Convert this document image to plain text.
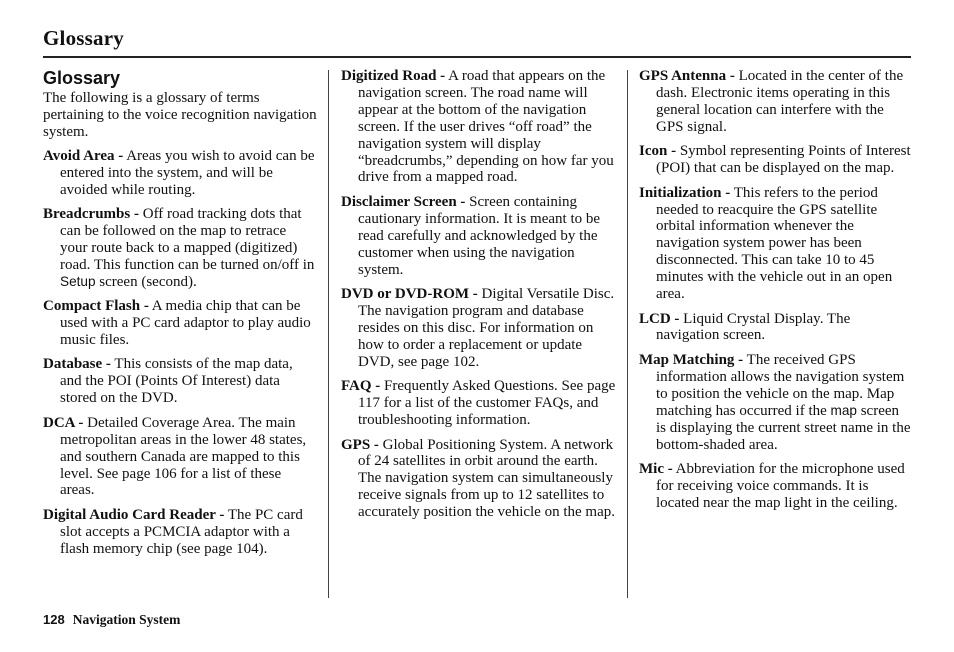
Glossary
Glossary

The following is a glossary of terms pertaining to the voice recognition navigation system.

Avoid Area - Areas you wish to avoid can be entered into the system, and will be avoided while routing.

Breadcrumbs - Off road tracking dots that can be followed on the map to retrace your route back to a mapped (digitized) road. This function can be turned on/off in Setup screen (second).

Compact Flash - A media chip that can be used with a PC card adaptor to play audio music files.

Database - This consists of the map data, and the POI (Points Of Interest) data stored on the DVD.

DCA - Detailed Coverage Area. The main metropolitan areas in the lower 48 states, and southern Canada are mapped to this level. See page 106 for a list of these areas.

Digital Audio Card Reader - The PC card slot accepts a PCMCIA adaptor with a flash memory chip (see page 104).

Digitized Road - A road that appears on the navigation screen. The road name will appear at the bottom of the navigation screen. If the user drives “off road” the navigation system will display “breadcrumbs,” depending on how far you drive from a mapped road.

Disclaimer Screen - Screen containing cautionary information. It is meant to be read carefully and acknowledged by the customer when using the navigation system.

DVD or DVD-ROM - Digital Versatile Disc. The navigation program and database resides on this disc. For information on how to order a replacement or update DVD, see page 102.

FAQ - Frequently Asked Questions. See page 117 for a list of the customer FAQs, and troubleshooting information.

GPS - Global Positioning System. A network of 24 satellites in orbit around the earth. The navigation system can simultaneously receive signals from up to 12 satellites to accurately position the vehicle on the map.

GPS Antenna - Located in the center of the dash. Electronic items operating in this general location can interfere with the GPS signal.

Icon - Symbol representing Points of Interest (POI) that can be displayed on the map.

Initialization - This refers to the period needed to reacquire the GPS satellite orbital information whenever the navigation system power has been disconnected. This can take 10 to 45 minutes with the vehicle out in an open area.

LCD - Liquid Crystal Display. The navigation screen.

Map Matching - The received GPS information allows the navigation system to position the vehicle on the map. Map matching has occurred if the map screen is displaying the current street name in the bottom-shaded area.

Mic - Abbreviation for the microphone used for receiving voice commands. It is located near the map light in the ceiling.

128 Navigation System
